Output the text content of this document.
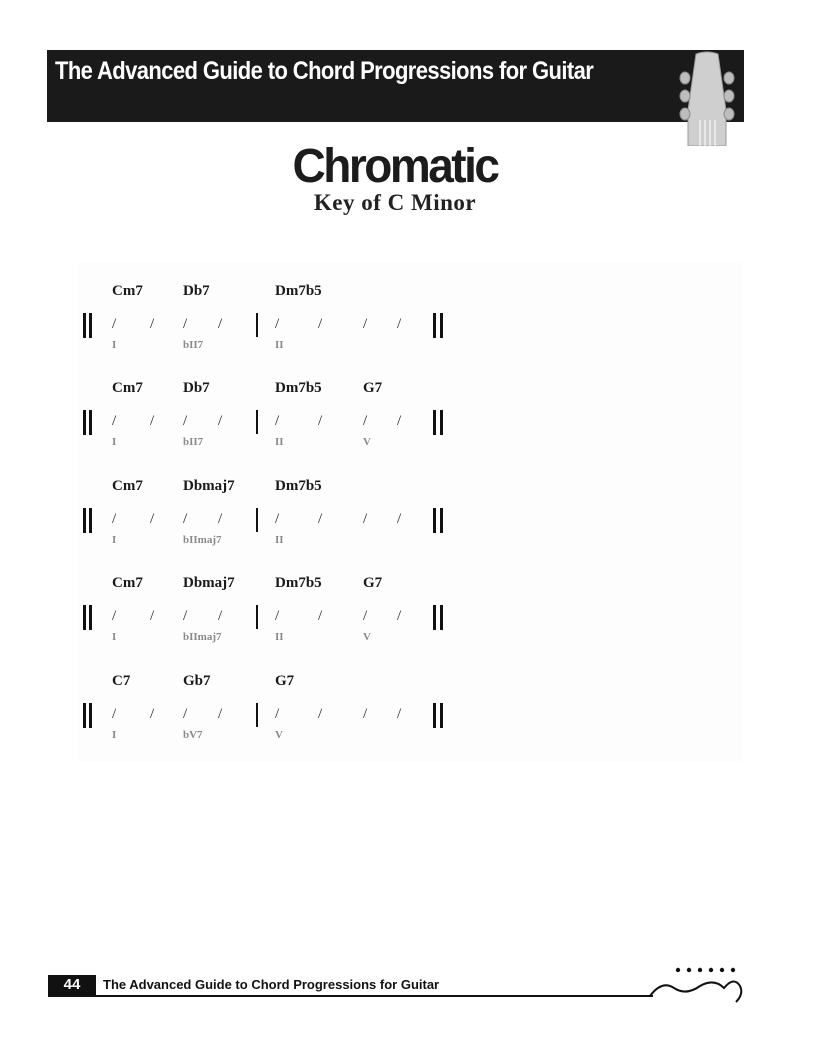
The Advanced Guide to Chord Progressions for Guitar
Chromatic
Key of C Minor
Cm7	Db7	Dm7b5
/ / / /	/	/	/ /
I	bII7	II
Cm7	Db7	Dm7b5	G7
/ / / /	/	/	/ /
I	bII7	II	V
Cm7	Dbmaj7	Dm7b5
/ / / /	/	/	/ /
I	bIImaj7	II
Cm7	Dbmaj7	Dm7b5	G7
/ / / /	/	/	/ /
I	bIImaj7	II	V
C7	Gb7	G7
/ / / /	/	/	/ /
I	bV7	V
44	The Advanced Guide to Chord Progressions for Guitar
